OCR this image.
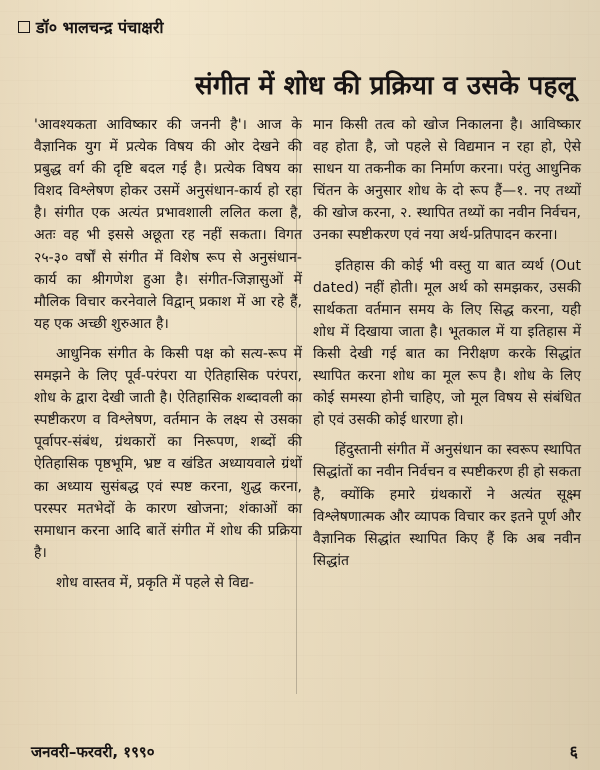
डॉ० भालचन्द्र पंचाक्षरी
संगीत में शोध की प्रक्रिया व उसके पहलू

'आवश्यकता आविष्कार की जननी है'। आज के वैज्ञानिक युग में प्रत्येक विषय की ओर देखने की प्रबुद्ध वर्ग की दृष्टि बदल गई है। प्रत्येक विषय का विशद विश्लेषण होकर उसमें अनुसंधान-कार्य हो रहा है। संगीत एक अत्यंत प्रभावशाली ललित कला है, अतः वह भी इससे अछूता रह नहीं सकता। विगत २५-३० वर्षों से संगीत में विशेष रूप से अनुसंधान-कार्य का श्रीगणेश हुआ है। संगीत-जिज्ञासुओं में मौलिक विचार करनेवाले विद्वान् प्रकाश में आ रहे हैं, यह एक अच्छी शुरुआत है।

आधुनिक संगीत के किसी पक्ष को सत्य-रूप में समझने के लिए पूर्व-परंपरा या ऐतिहासिक परंपरा, शोध के द्वारा देखी जाती है। ऐतिहासिक शब्दावली का स्पष्टीकरण व विश्लेषण, वर्तमान के लक्ष्य से उसका पूर्वापर-संबंध, ग्रंथकारों का निरूपण, शब्दों की ऐतिहासिक पृष्ठभूमि, भ्रष्ट व खंडित अध्यायवाले ग्रंथों का अध्याय सुसंबद्ध एवं स्पष्ट करना, शुद्ध करना, परस्पर मतभेदों के कारण खोजना; शंकाओं का समाधान करना आदि बातें संगीत में शोध की प्रक्रिया है।

शोध वास्तव में, प्रकृति में पहले से विद्य-

मान किसी तत्व को खोज निकालना है। आविष्कार वह होता है, जो पहले से विद्यमान न रहा हो, ऐसे साधन या तकनीक का निर्माण करना। परंतु आधुनिक चिंतन के अनुसार शोध के दो रूप हैं—१. नए तथ्यों की खोज करना, २. स्थापित तथ्यों का नवीन निर्वचन, उनका स्पष्टीकरण एवं नया अर्थ-प्रतिपादन करना।

इतिहास की कोई भी वस्तु या बात व्यर्थ (Out dated) नहीं होती। मूल अर्थ को समझकर, उसकी सार्थकता वर्तमान समय के लिए सिद्ध करना, यही शोध में दिखाया जाता है। भूतकाल में या इतिहास में किसी देखी गई बात का निरीक्षण करके सिद्धांत स्थापित करना शोध का मूल रूप है। शोध के लिए कोई समस्या होनी चाहिए, जो मूल विषय से संबंधित हो एवं उसकी कोई धारणा हो।

हिंदुस्तानी संगीत में अनुसंधान का स्वरूप स्थापित सिद्धांतों का नवीन निर्वचन व स्पष्टीकरण ही हो सकता है, क्योंकि हमारे ग्रंथकारों ने अत्यंत सूक्ष्म विश्लेषणात्मक और व्यापक विचार कर इतने पूर्ण और वैज्ञानिक सिद्धांत स्थापित किए हैं कि अब नवीन सिद्धांत

जनवरी–फरवरी, १९९०	६
